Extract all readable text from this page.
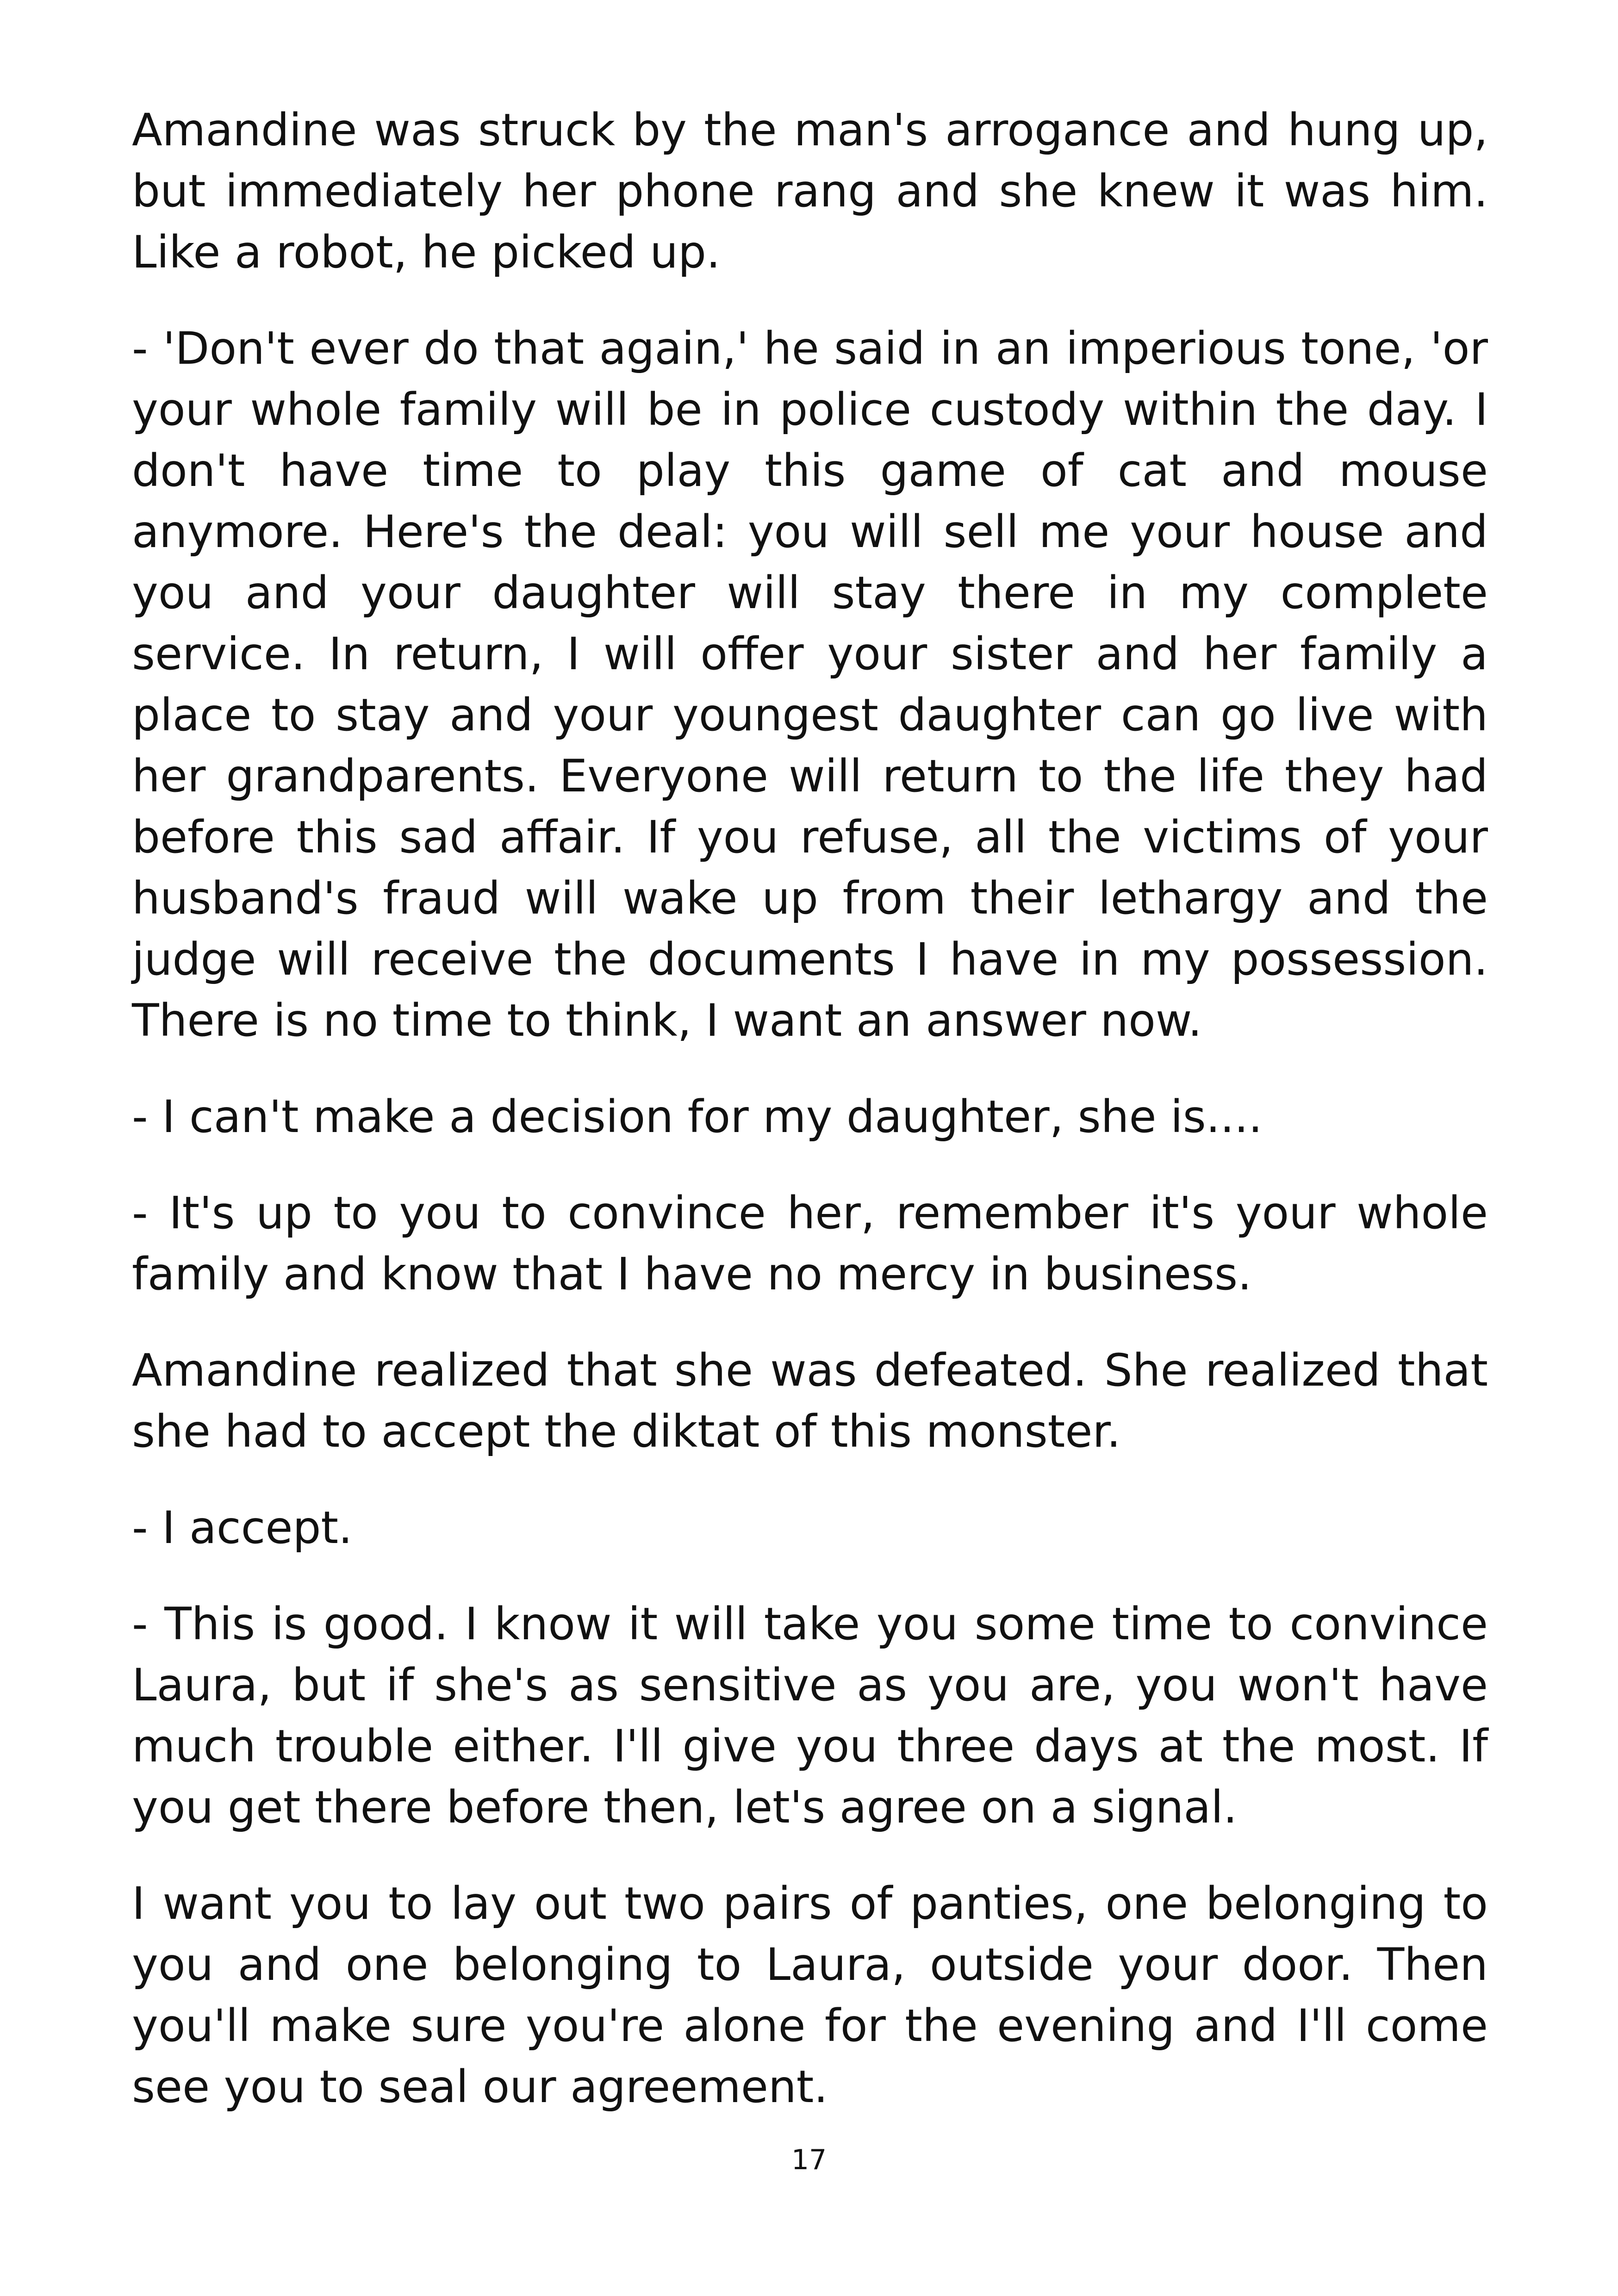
Amandine was struck by the man's arrogance and hung up, but immediately her phone rang and she knew it was him. Like a robot, he picked up.

- 'Don't ever do that again,' he said in an imperious tone, 'or your whole family will be in police custody within the day. I don't have time to play this game of cat and mouse anymore. Here's the deal: you will sell me your house and you and your daughter will stay there in my complete service. In return, I will offer your sister and her family a place to stay and your youngest daughter can go live with her grandparents. Everyone will return to the life they had before this sad affair. If you refuse, all the victims of your husband's fraud will wake up from their lethargy and the judge will receive the documents I have in my possession. There is no time to think, I want an answer now.

- I can't make a decision for my daughter, she is....

- It's up to you to convince her, remember it's your whole family and know that I have no mercy in business.

Amandine realized that she was defeated. She realized that she had to accept the diktat of this monster.

- I accept.

- This is good. I know it will take you some time to convince Laura, but if she's as sensitive as you are, you won't have much trouble either. I'll give you three days at the most. If you get there before then, let's agree on a signal.

I want you to lay out two pairs of panties, one belonging to you and one belonging to Laura, outside your door. Then you'll make sure you're alone for the evening and I'll come see you to seal our agreement.

17
